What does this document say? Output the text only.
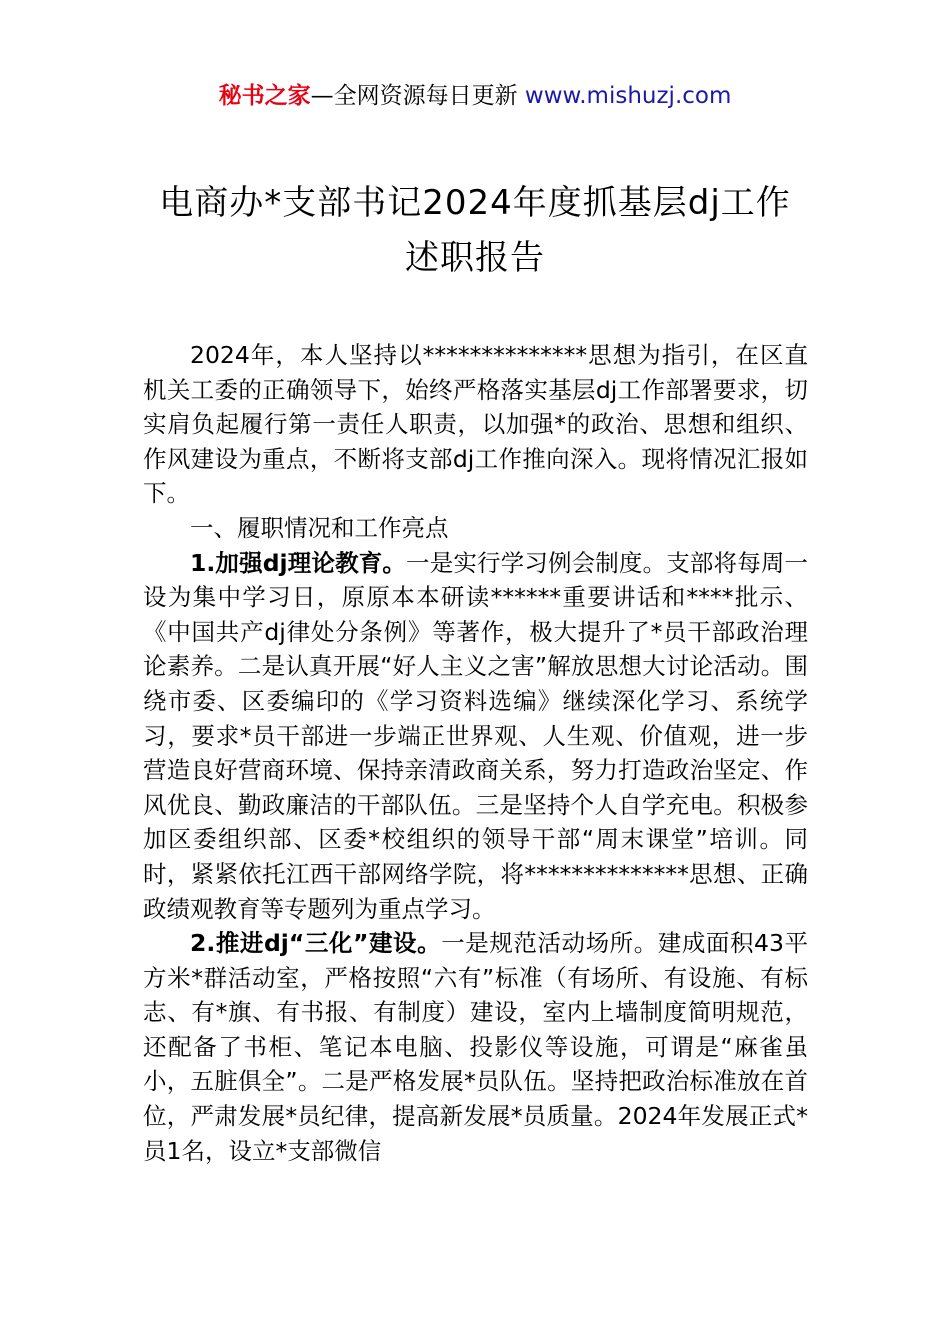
秘书之家—全网资源每日更新 www.mishuzj.com
电商办*支部书记2024年度抓基层dj工作
述职报告

2024年，本人坚持以**************思想为指引，在区直机关工委的正确领导下，始终严格落实基层dj工作部署要求，切实肩负起履行第一责任人职责，以加强*的政治、思想和组织、作风建设为重点，不断将支部dj工作推向深入。现将情况汇报如下。

一、履职情况和工作亮点

1.加强dj理论教育。一是实行学习例会制度。支部将每周一设为集中学习日，原原本本研读******重要讲话和****批示、《中国共产dj律处分条例》等著作，极大提升了*员干部政治理论素养。二是认真开展“好人主义之害”解放思想大讨论活动。围绕市委、区委编印的《学习资料选编》继续深化学习、系统学习，要求*员干部进一步端正世界观、人生观、价值观，进一步营造良好营商环境、保持亲清政商关系，努力打造政治坚定、作风优良、勤政廉洁的干部队伍。三是坚持个人自学充电。积极参加区委组织部、区委*校组织的领导干部“周末课堂”培训。同时，紧紧依托江西干部网络学院，将**************思想、正确政绩观教育等专题列为重点学习。

2.推进dj“三化”建设。一是规范活动场所。建成面积43平方米*群活动室，严格按照“六有”标准（有场所、有设施、有标志、有*旗、有书报、有制度）建设，室内上墙制度简明规范，还配备了书柜、笔记本电脑、投影仪等设施，可谓是“麻雀虽小，五脏俱全”。二是严格发展*员队伍。坚持把政治标准放在首位，严肃发展*员纪律，提高新发展*员质量。2024年发展正式*员1名，设立*支部微信
